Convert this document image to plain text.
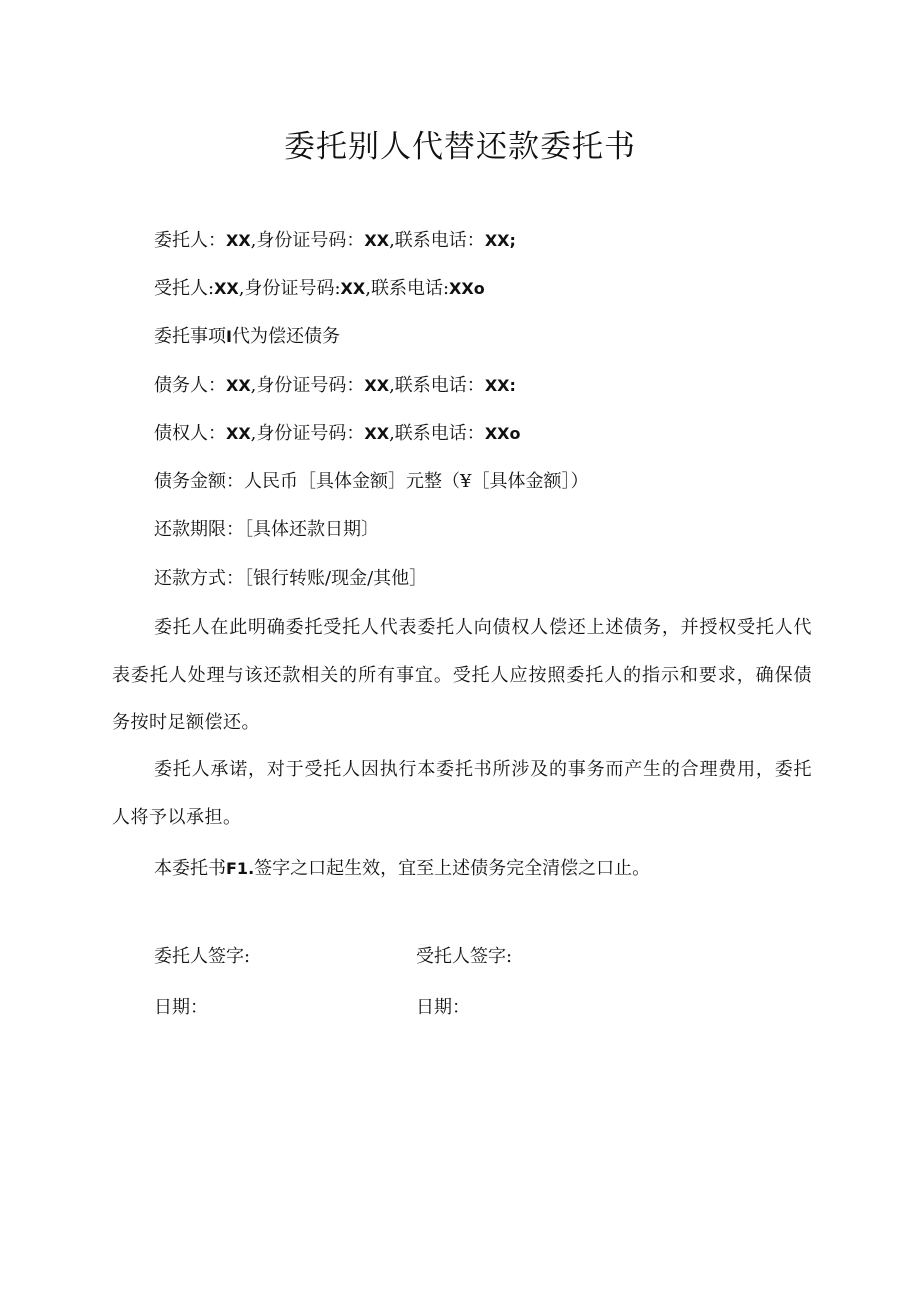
委托别人代替还款委托书
委托人：XX,身份证号码：XX,联系电话：XX;
受托人:XX,身份证号码:XX,联系电话:XXo
委托事项I代为偿还债务
债务人：XX,身份证号码：XX,联系电话：XX:
债权人：XX,身份证号码：XX,联系电话：XXo
债务金额：人民币［具体金额］元整（¥［具体金额］）
还款期限：［具体还款日期〕
还款方式：［银行转账/现金/其他］
委托人在此明确委托受托人代表委托人向债权人偿还上述债务，并授权受托人代表委托人处理与该还款相关的所有事宜。受托人应按照委托人的指示和要求，确保债务按时足额偿还。
委托人承诺，对于受托人因执行本委托书所涉及的事务而产生的合理费用，委托人将予以承担。
本委托书F1.签字之口起生效，宜至上述债务完全清偿之口止。
委托人签字:	受托人签字:
日期：	日期：
